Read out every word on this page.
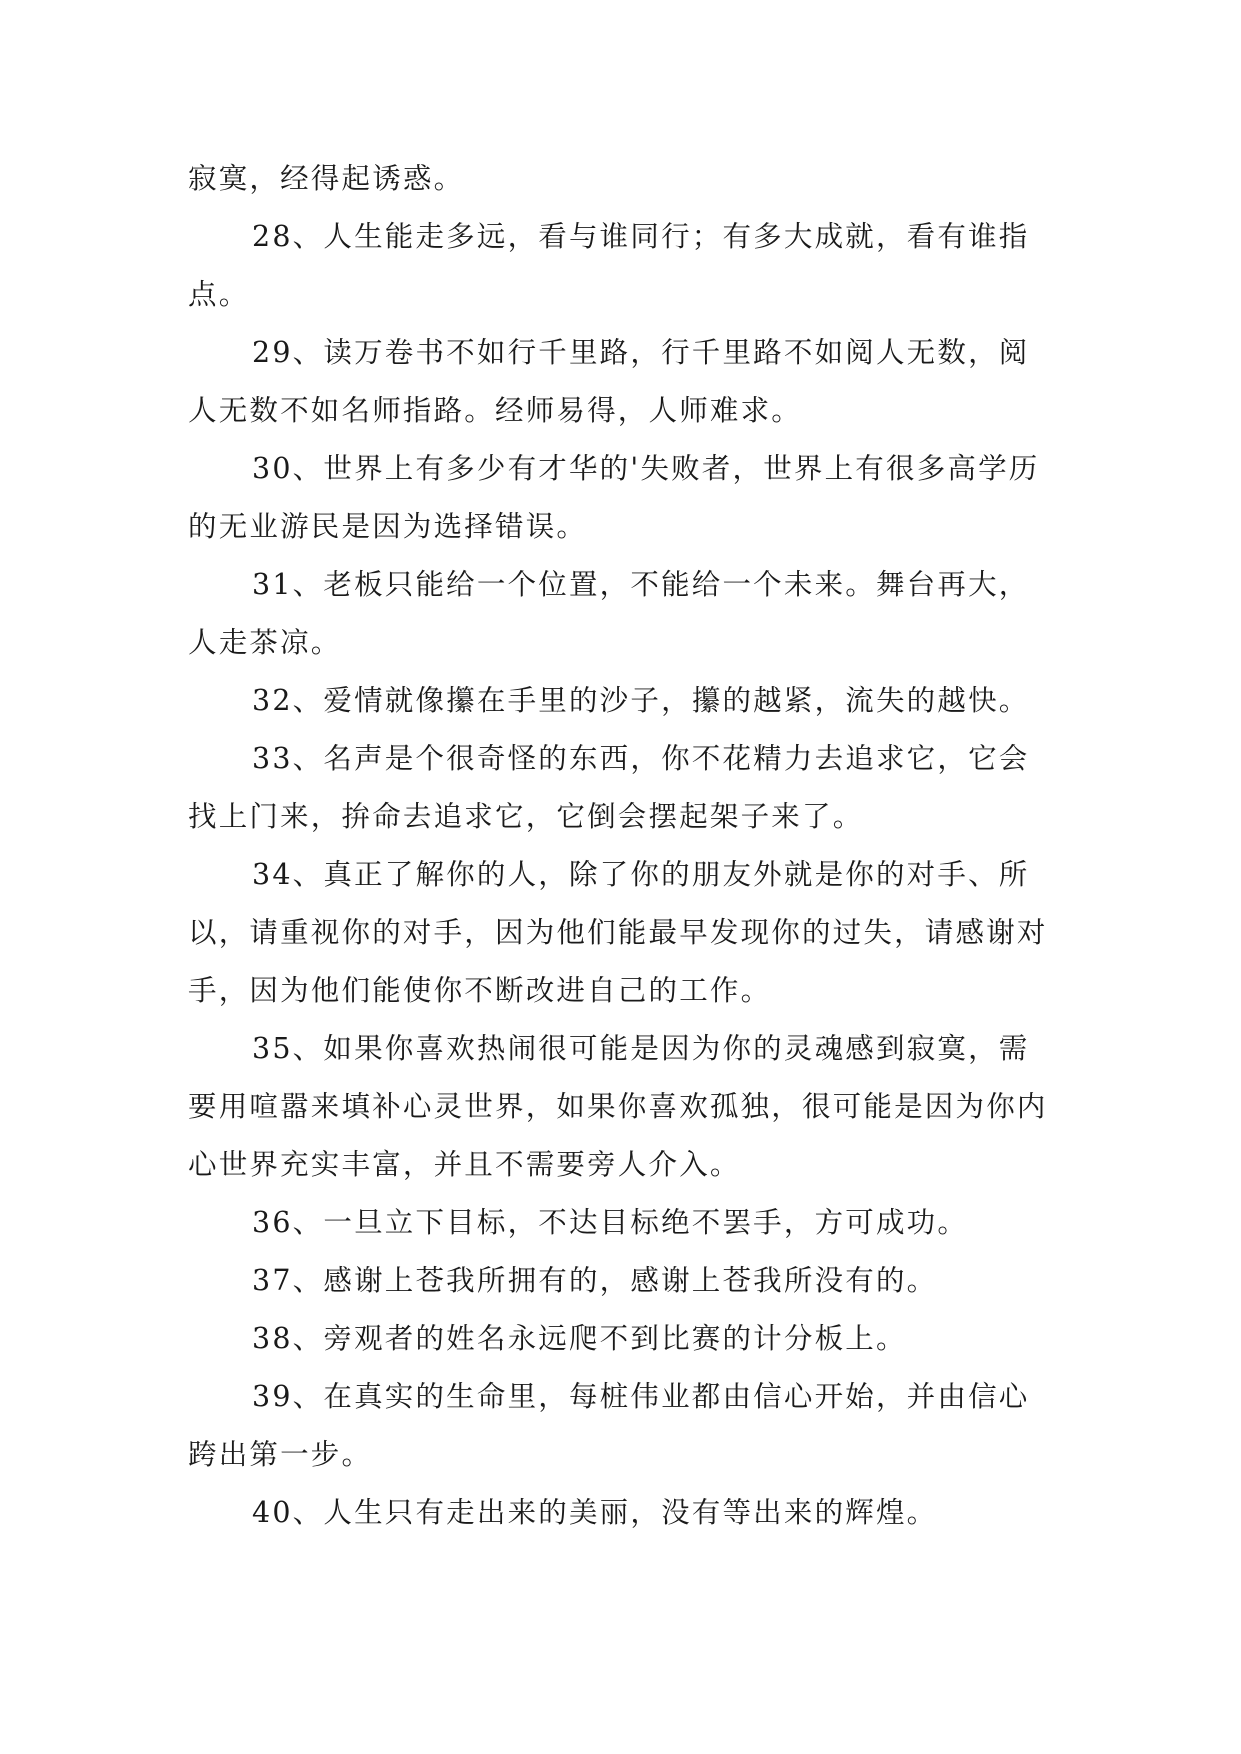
寂寞，经得起诱惑。

28、人生能走多远，看与谁同行；有多大成就，看有谁指点。

29、读万卷书不如行千里路，行千里路不如阅人无数，阅人无数不如名师指路。经师易得，人师难求。

30、世界上有多少有才华的'失败者，世界上有很多高学历的无业游民是因为选择错误。

31、老板只能给一个位置，不能给一个未来。舞台再大，人走茶凉。

32、爱情就像攥在手里的沙子，攥的越紧，流失的越快。

33、名声是个很奇怪的东西，你不花精力去追求它，它会找上门来，拚命去追求它，它倒会摆起架子来了。

34、真正了解你的人，除了你的朋友外就是你的对手、所以，请重视你的对手，因为他们能最早发现你的过失，请感谢对手，因为他们能使你不断改进自己的工作。

35、如果你喜欢热闹很可能是因为你的灵魂感到寂寞，需要用喧嚣来填补心灵世界，如果你喜欢孤独，很可能是因为你内心世界充实丰富，并且不需要旁人介入。

36、一旦立下目标，不达目标绝不罢手，方可成功。

37、感谢上苍我所拥有的，感谢上苍我所没有的。

38、旁观者的姓名永远爬不到比赛的计分板上。

39、在真实的生命里，每桩伟业都由信心开始，并由信心跨出第一步。

40、人生只有走出来的美丽，没有等出来的辉煌。
